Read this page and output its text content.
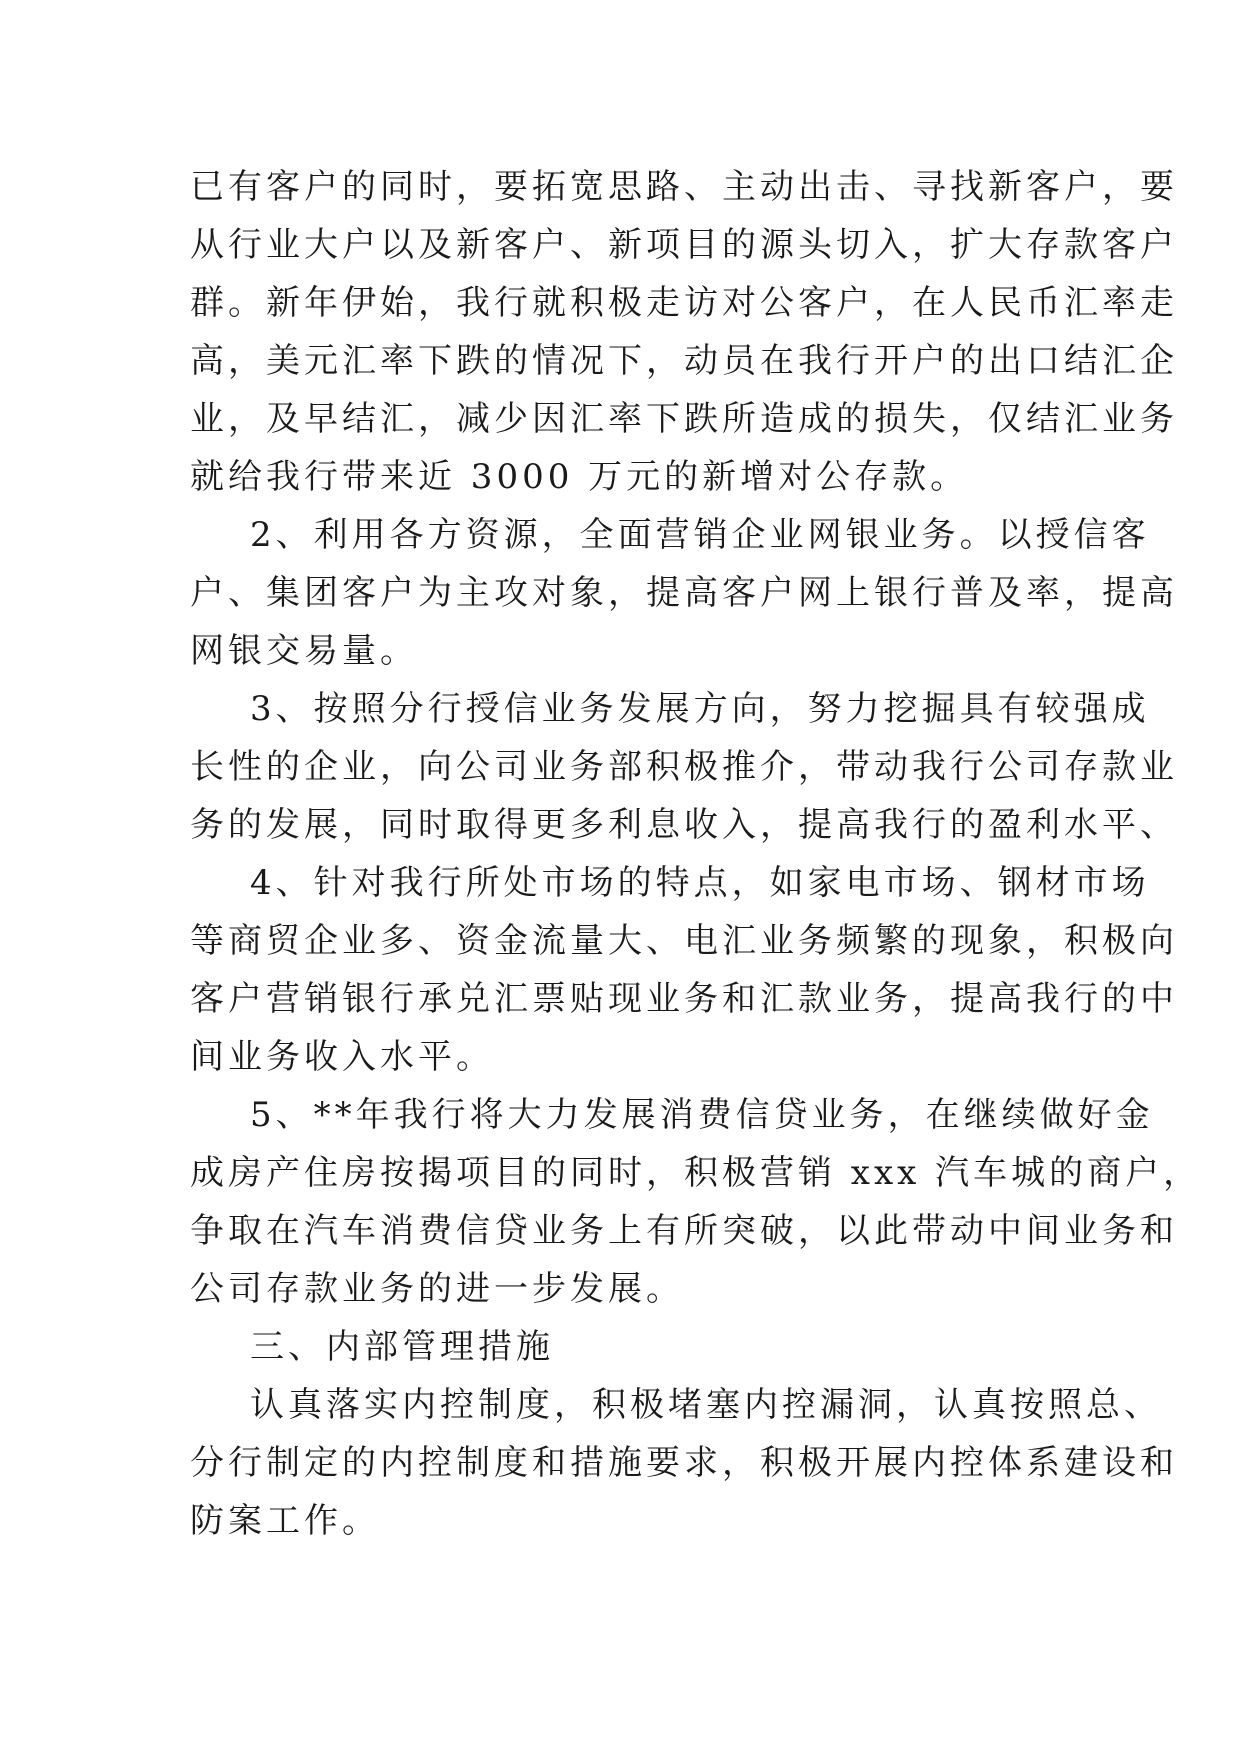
已有客户的同时，要拓宽思路、主动出击、寻找新客户，要
从行业大户以及新客户、新项目的源头切入，扩大存款客户
群。新年伊始，我行就积极走访对公客户，在人民币汇率走
高，美元汇率下跌的情况下，动员在我行开户的出口结汇企
业，及早结汇，减少因汇率下跌所造成的损失，仅结汇业务
就给我行带来近 3000 万元的新增对公存款。
2、利用各方资源，全面营销企业网银业务。以授信客
户、集团客户为主攻对象，提高客户网上银行普及率，提高
网银交易量。
3、按照分行授信业务发展方向，努力挖掘具有较强成
长性的企业，向公司业务部积极推介，带动我行公司存款业
务的发展，同时取得更多利息收入，提高我行的盈利水平、
4、针对我行所处市场的特点，如家电市场、钢材市场
等商贸企业多、资金流量大、电汇业务频繁的现象，积极向
客户营销银行承兑汇票贴现业务和汇款业务，提高我行的中
间业务收入水平。
5、**年我行将大力发展消费信贷业务，在继续做好金
成房产住房按揭项目的同时，积极营销 xxx 汽车城的商户，
争取在汽车消费信贷业务上有所突破，以此带动中间业务和
公司存款业务的进一步发展。
三、内部管理措施
认真落实内控制度，积极堵塞内控漏洞，认真按照总、
分行制定的内控制度和措施要求，积极开展内控体系建设和
防案工作。
